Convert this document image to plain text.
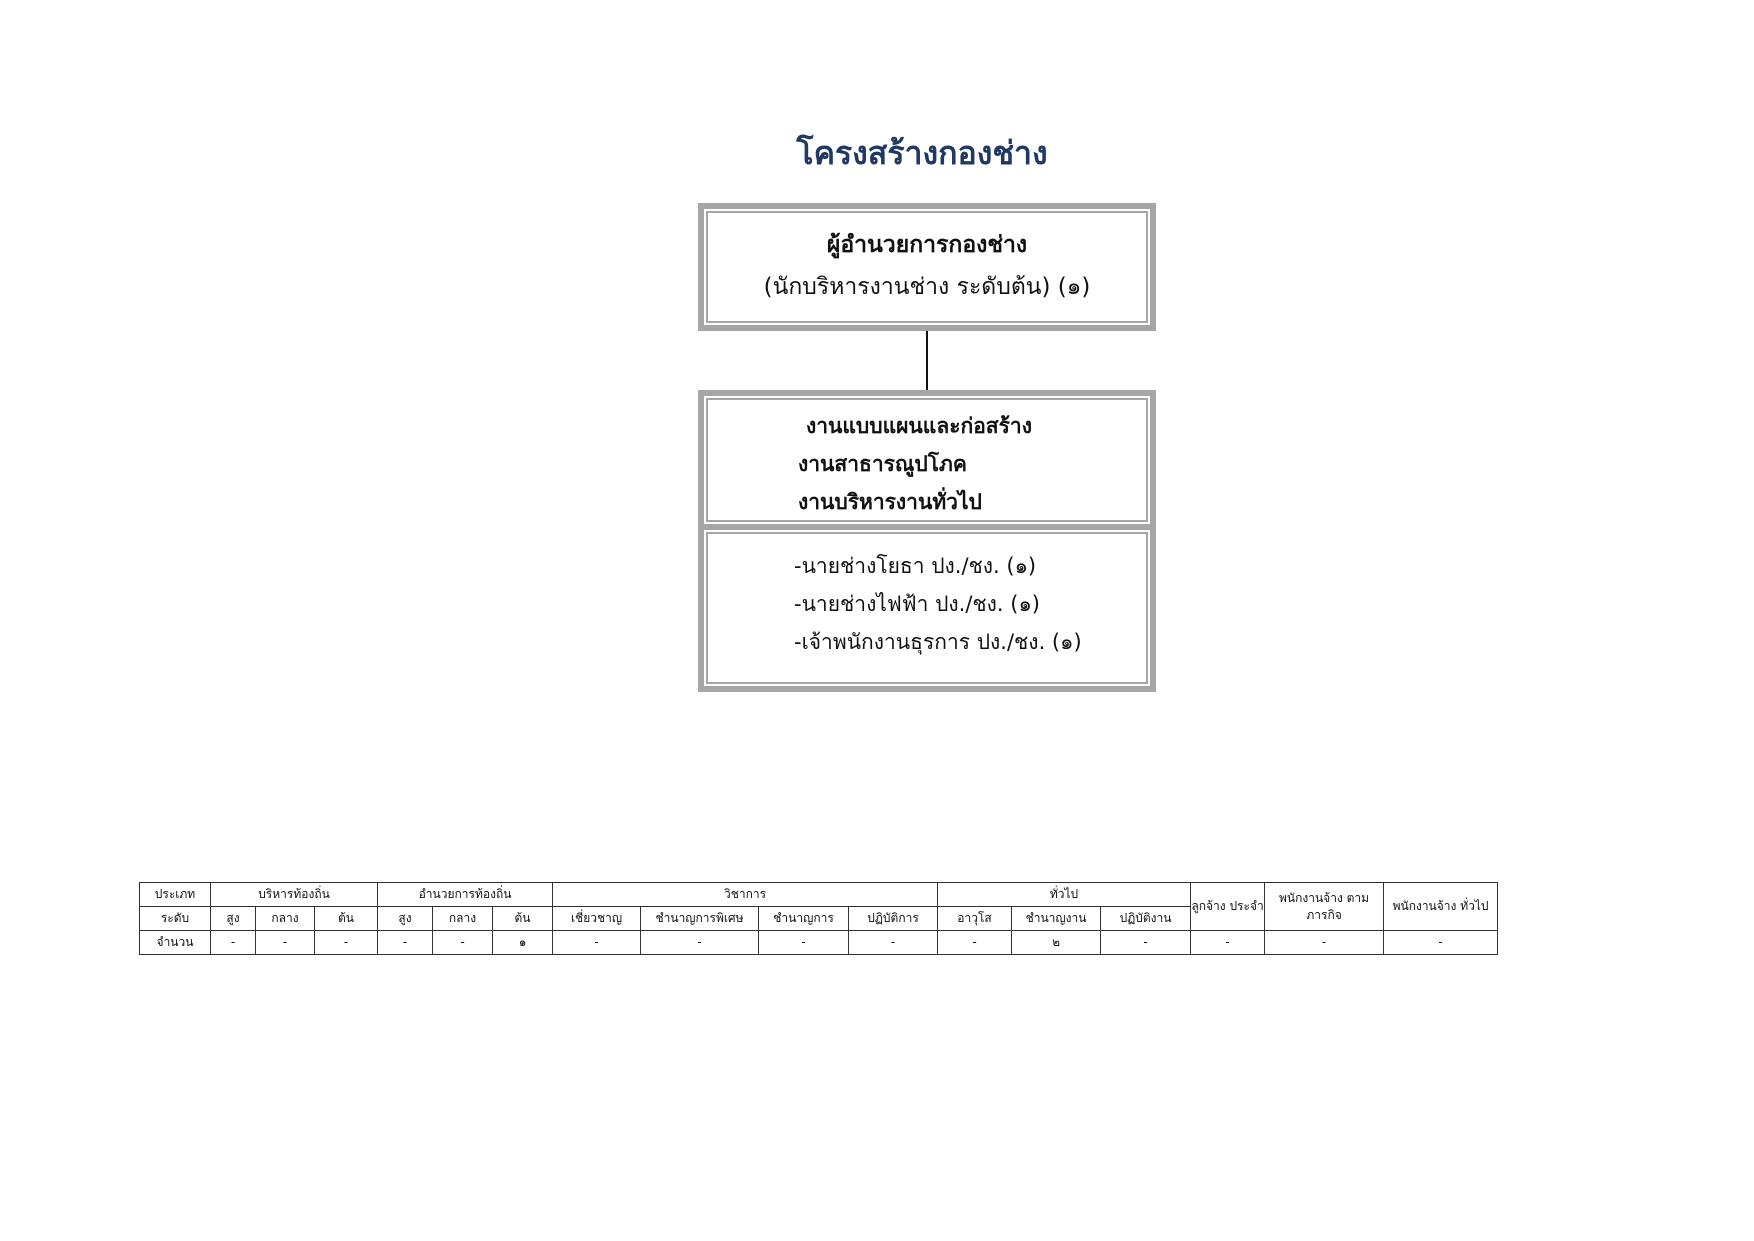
โครงสร้างกองช่าง
ผู้อำนวยการกองช่าง
(นักบริหารงานช่าง ระดับต้น) (๑)
งานแบบแผนและก่อสร้าง
งานสาธารณูปโภค
งานบริหารงานทั่วไป
-นายช่างโยธา ปง./ชง. (๑)
-นายช่างไฟฟ้า ปง./ชง. (๑)
-เจ้าพนักงานธุรการ ปง./ชง. (๑)
ประเภท	บริหารท้องถิ่น			อำนวยการท้องถิ่น			วิชาการ				ทั่วไป			ลูกจ้าง ประจำ	พนักงานจ้าง ตามภารกิจ	พนักงานจ้าง ทั่วไป
ระดับ	สูง	กลาง	ต้น	สูง	กลาง	ต้น	เชี่ยวชาญ	ชำนาญการพิเศษ	ชำนาญการ	ปฏิบัติการ	อาวุโส	ชำนาญงาน	ปฏิบัติงาน			
จำนวน	-	-	-	-	-	๑	-	-	-	-	-	๒	-	-	-	-
